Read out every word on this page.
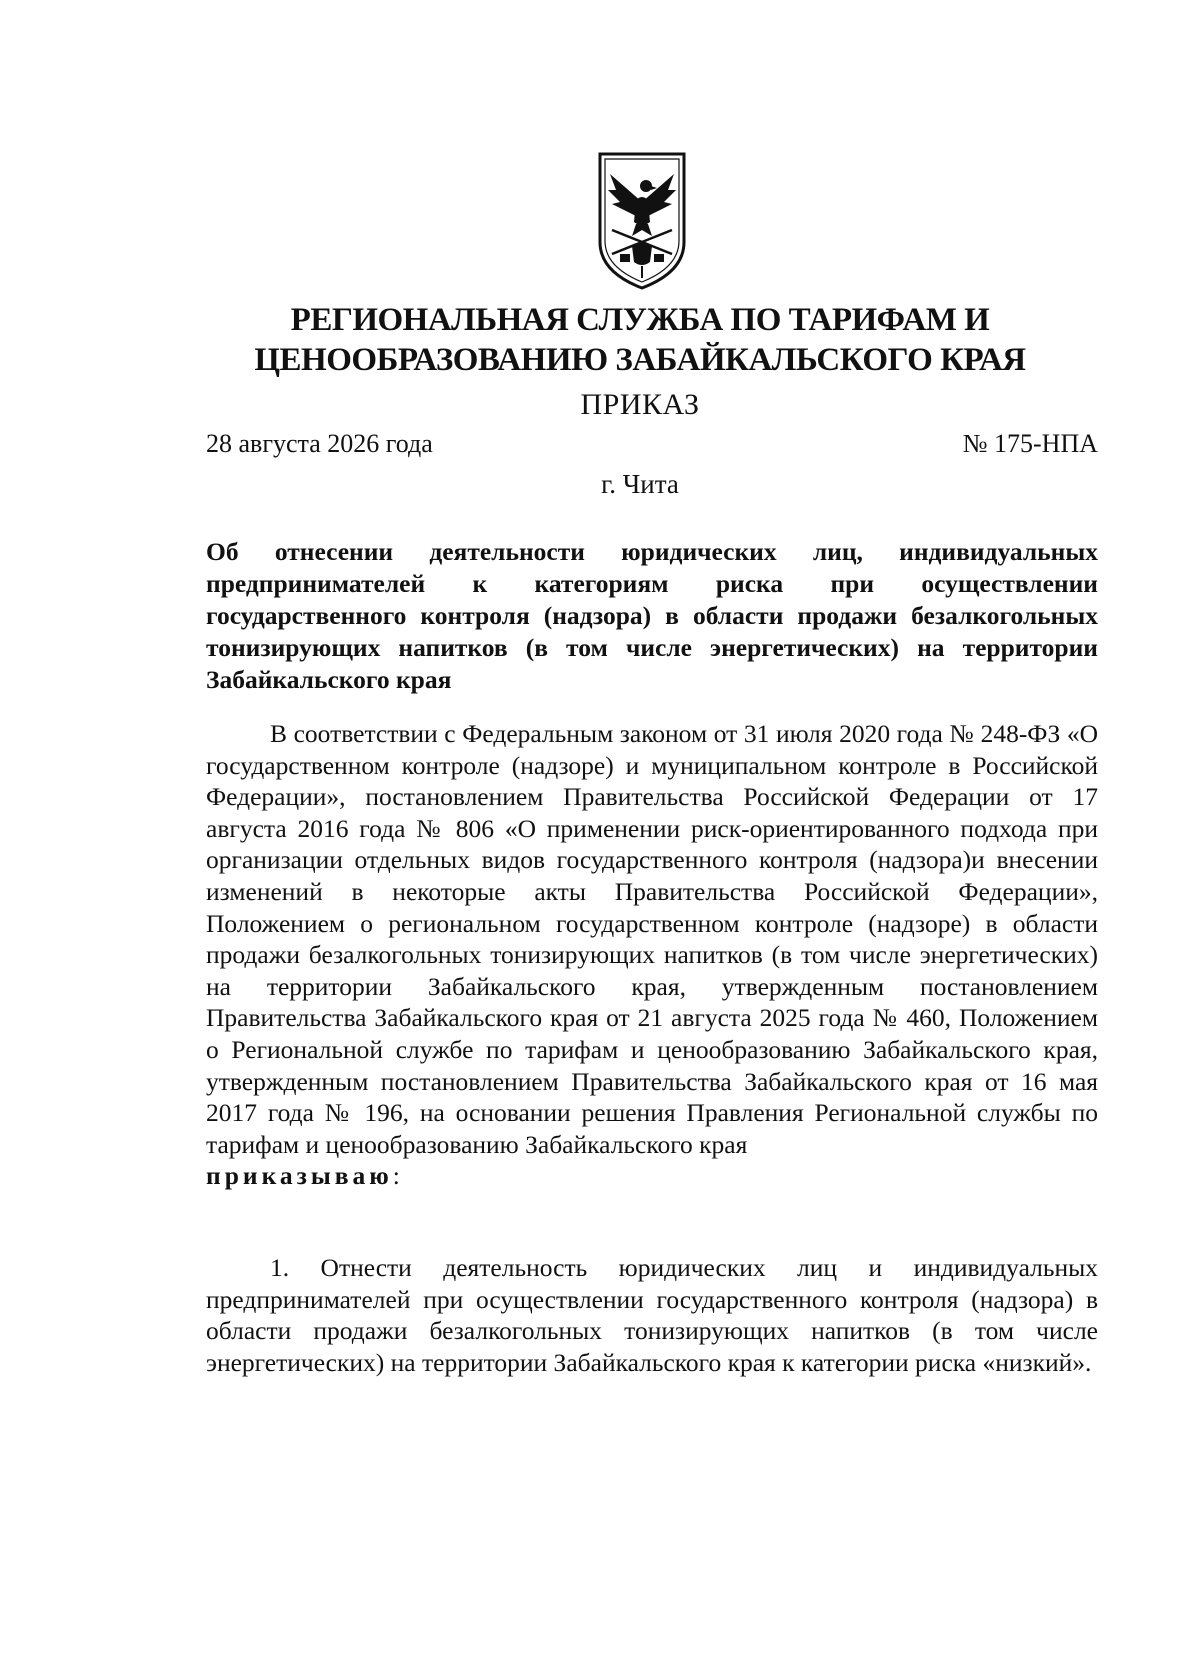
РЕГИОНАЛЬНАЯ СЛУЖБА ПО ТАРИФАМ И
ЦЕНООБРАЗОВАНИЮ ЗАБАЙКАЛЬСКОГО КРАЯ
ПРИКАЗ
28 августа 2026 года	№ 175-НПА
г. Чита
Об отнесении деятельности юридических лиц, индивидуальных предпринимателей к категориям риска при осуществлении государственного контроля (надзора) в области продажи безалкогольных тонизирующих напитков (в том числе энергетических) на территории Забайкальского края

В соответствии с Федеральным законом от 31 июля 2020 года № 248-ФЗ «О государственном контроле (надзоре) и муниципальном контроле в Российской Федерации», постановлением Правительства Российской Федерации от 17 августа 2016 года № 806 «О применении риск-ориентированного подхода при организации отдельных видов государственного контроля (надзора)и внесении изменений в некоторые акты Правительства Российской Федерации», Положением о региональном государственном контроле (надзоре) в области продажи безалкогольных тонизирующих напитков (в том числе энергетических) на территории Забайкальского края, утвержденным постановлением Правительства Забайкальского края от 21 августа 2025 года № 460, Положением о Региональной службе по тарифам и ценообразованию Забайкальского края, утвержденным постановлением Правительства Забайкальского края от 16 мая 2017 года № 196, на основании решения Правления Региональной службы по тарифам и ценообразованию Забайкальского края
приказываю:

1. Отнести деятельность юридических лиц и индивидуальных предпринимателей при осуществлении государственного контроля (надзора) в области продажи безалкогольных тонизирующих напитков (в том числе энергетических) на территории Забайкальского края к категории риска «низкий».
